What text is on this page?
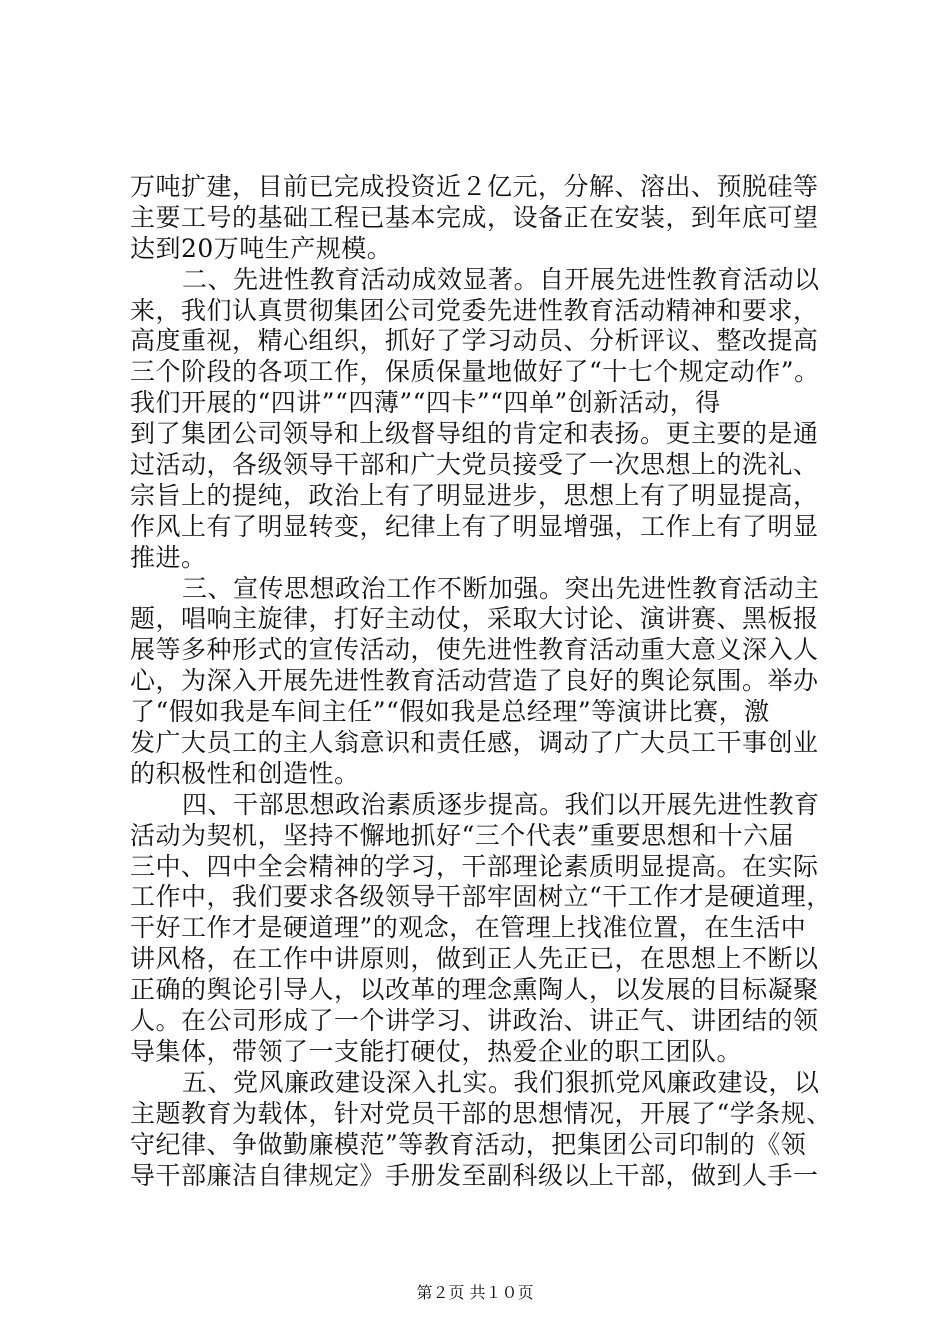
万吨扩建，目前已完成投资近２亿元，分解、溶出、预脱硅等
主要工号的基础工程已基本完成，设备正在安装，到年底可望
达到20万吨生产规模。
二、先进性教育活动成效显著。自开展先进性教育活动以
来，我们认真贯彻集团公司党委先进性教育活动精神和要求，
高度重视，精心组织，抓好了学习动员、分析评议、整改提高
三个阶段的各项工作，保质保量地做好了“十七个规定动作”。
我们开展的“四讲”“四薄”“四卡”“四单”创新活动，得
到了集团公司领导和上级督导组的肯定和表扬。更主要的是通
过活动，各级领导干部和广大党员接受了一次思想上的洗礼、
宗旨上的提纯，政治上有了明显进步，思想上有了明显提高，
作风上有了明显转变，纪律上有了明显增强，工作上有了明显
推进。
三、宣传思想政治工作不断加强。突出先进性教育活动主
题，唱响主旋律，打好主动仗，采取大讨论、演讲赛、黑板报
展等多种形式的宣传活动，使先进性教育活动重大意义深入人
心，为深入开展先进性教育活动营造了良好的舆论氛围。举办
了“假如我是车间主任”“假如我是总经理”等演讲比赛，激
发广大员工的主人翁意识和责任感，调动了广大员工干事创业
的积极性和创造性。
四、干部思想政治素质逐步提高。我们以开展先进性教育
活动为契机，坚持不懈地抓好“三个代表”重要思想和十六届
三中、四中全会精神的学习，干部理论素质明显提高。在实际
工作中，我们要求各级领导干部牢固树立“干工作才是硬道理，
干好工作才是硬道理”的观念，在管理上找准位置，在生活中
讲风格，在工作中讲原则，做到正人先正已，在思想上不断以
正确的舆论引导人，以改革的理念熏陶人，以发展的目标凝聚
人。在公司形成了一个讲学习、讲政治、讲正气、讲团结的领
导集体，带领了一支能打硬仗，热爱企业的职工团队。
五、党风廉政建设深入扎实。我们狠抓党风廉政建设，以
主题教育为载体，针对党员干部的思想情况，开展了“学条规、
守纪律、争做勤廉模范”等教育活动，把集团公司印制的《领
导干部廉洁自律规定》手册发至副科级以上干部，做到人手一
第２页 共１０页
